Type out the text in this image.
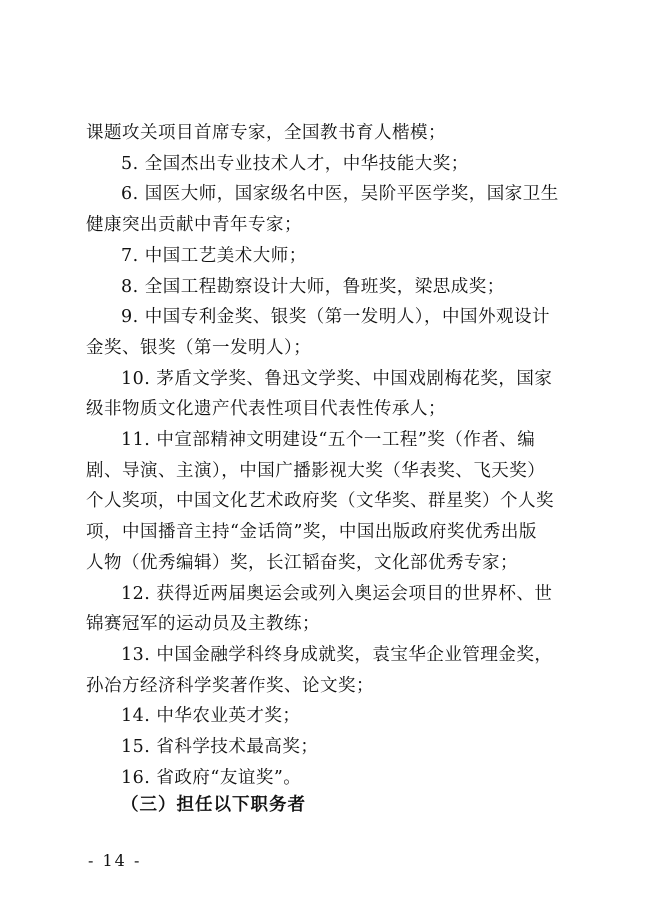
课题攻关项目首席专家，全国教书育人楷模；
5. 全国杰出专业技术人才，中华技能大奖；
6. 国医大师，国家级名中医，吴阶平医学奖，国家卫生
健康突出贡献中青年专家；
7. 中国工艺美术大师；
8. 全国工程勘察设计大师，鲁班奖，梁思成奖；
9. 中国专利金奖、银奖（第一发明人），中国外观设计
金奖、银奖（第一发明人）；
10. 茅盾文学奖、鲁迅文学奖、中国戏剧梅花奖，国家
级非物质文化遗产代表性项目代表性传承人；
11. 中宣部精神文明建设“五个一工程”奖（作者、编
剧、导演、主演），中国广播影视大奖（华表奖、飞天奖）
个人奖项，中国文化艺术政府奖（文华奖、群星奖）个人奖
项，中国播音主持“金话筒”奖，中国出版政府奖优秀出版
人物（优秀编辑）奖，长江韬奋奖，文化部优秀专家；
12. 获得近两届奥运会或列入奥运会项目的世界杯、世
锦赛冠军的运动员及主教练；
13. 中国金融学科终身成就奖，袁宝华企业管理金奖，
孙冶方经济科学奖著作奖、论文奖；
14. 中华农业英才奖；
15. 省科学技术最高奖；
16. 省政府“友谊奖”。
（三）担任以下职务者
- 14 -
